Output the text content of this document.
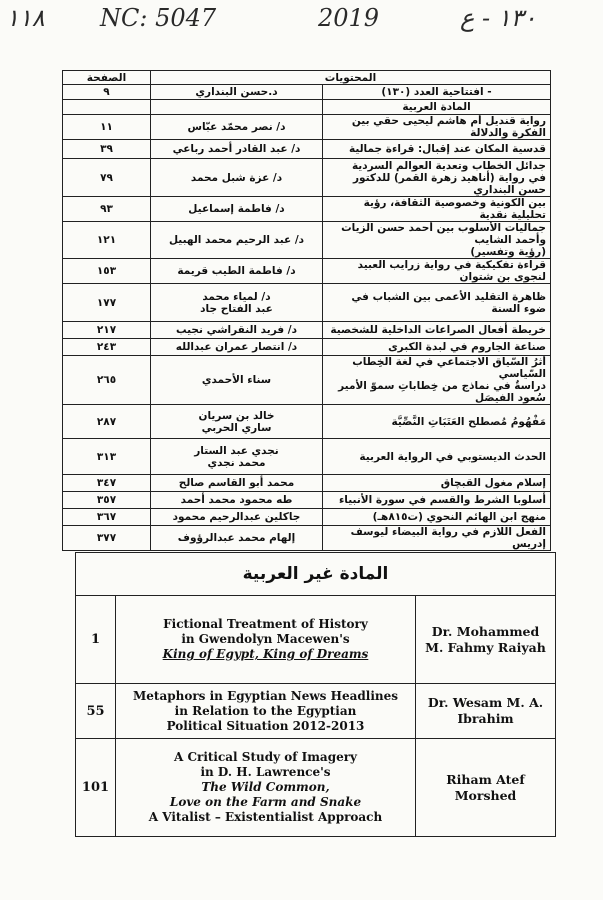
١١٨ NC: 5047	2019	١٣٠ - ع
المحتويات		الصفحة
- افتتاحية العدد (١٣٠)	د.حسن البنداري	٩
المادة العربية		
رواية قنديل أم هاشم ليحيى حقي بين الفكرة والدلالة	د/ نصر محمّد عبّاس	١١
قدسية المكان عند إقبال: قراءة جمالية	د/ عبد القادر أحمد رباعي	٣٩
جدائل الخطاب وتعدية العوالم السردية
في رواية (أناهيد زهرة القمر) للدكتور حسن البنداري	د/ عزة شبل محمد	٧٩
بين الكونية وخصوصية الثقافة، رؤية تحليلية نقدية	د/ فاطمة إسماعيل	٩٣
جماليات الأسلوب بين أحمد حسن الزيات وأحمد الشايب
(رؤية وتفسير)	د/ عبد الرحيم محمد الهبيل	١٢١
قراءة تفكيكية في رواية زرايب العبيد لنجوى بن شتوان	د/ فاطمة الطيب قريمة	١٥٣
ظاهرة التقليد الأعمى بين الشباب في ضوء السنة	د/ لمياء محمد
عبد الفتاح جاد	١٧٧
خريطة أفعال الصراعات الداخلية للشخصية	د/ فريد النقراشي نجيب	٢١٧
صناعة الجاروم في لبدة الكبرى	د/ انتصار عمران عبدالله	٢٤٣
أثرُ السّياق الاجتماعي في لُغة الخِطاب السّياسي
دراسةٌ في نماذج من خِطاباتِ سموّ الأمير سُعود الفيصَل	سناء الأحمدي	٢٦٥
مَفْهُومُ مُصطلح العَتَبَاتِ النَّصِّيَّة	خالد بن سريان
ساري الحربي	٢٨٧
الحدث الديستوبي في الرواية العربية	نجدي عبد الستار
محمد نجدي	٣١٣
إسلام مغول القبچاق	محمد أبو القاسم صالح	٣٤٧
أسلوبا الشرط والقسم في سورة الأنبياء	طه محمود محمد أحمد	٣٥٧
منهج ابن الهائم النحوي (ت٨١٥هـ)	جاكلين عبدالرحيم محمود	٣٦٧
الفعل اللازم في رواية البيضاء ليوسف إدريس	إلهام محمد عبدالرؤوف	٣٧٧
المادة غير العربية		
1	Fictional Treatment of History
in Gwendolyn Macewen's
King of Egypt, King of Dreams	Dr. Mohammed
M. Fahmy Raiyah
55	Metaphors in Egyptian News Headlines
in Relation to the Egyptian
Political Situation 2012-2013	Dr. Wesam M. A.
Ibrahim
101	A Critical Study of Imagery
in D. H. Lawrence's
The Wild Common,
Love on the Farm and Snake
A Vitalist – Existentialist Approach	Riham Atef
Morshed
